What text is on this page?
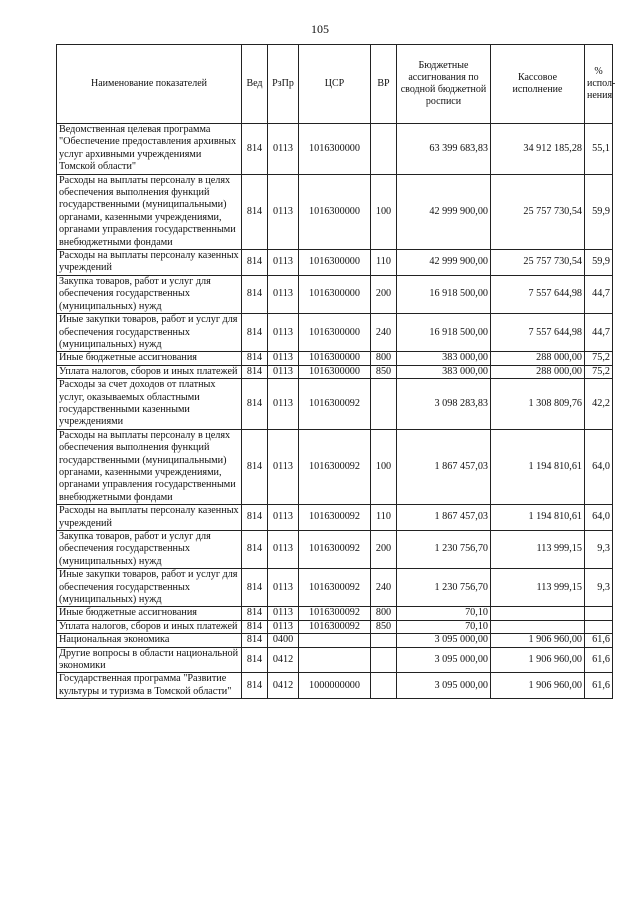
105
Наименование показателей	Вед	РзПр	ЦСР	ВР	Бюджетные ассигнования по сводной бюджетной росписи	Кассовое исполнение	% испол-нения
Ведомственная целевая программа "Обеспечение предоставления архивных услуг архивными учреждениями Томской области"	814	0113	1016300000		63 399 683,83	34 912 185,28	55,1
Расходы на выплаты персоналу в целях обеспечения выполнения функций государственными (муниципальными) органами, казенными учреждениями, органами управления государственными внебюджетными фондами	814	0113	1016300000	100	42 999 900,00	25 757 730,54	59,9
Расходы на выплаты персоналу казенных учреждений	814	0113	1016300000	110	42 999 900,00	25 757 730,54	59,9
Закупка товаров, работ и услуг для обеспечения государственных (муниципальных) нужд	814	0113	1016300000	200	16 918 500,00	7 557 644,98	44,7
Иные закупки товаров, работ и услуг для обеспечения государственных (муниципальных) нужд	814	0113	1016300000	240	16 918 500,00	7 557 644,98	44,7
Иные бюджетные ассигнования	814	0113	1016300000	800	383 000,00	288 000,00	75,2
Уплата налогов, сборов и иных платежей	814	0113	1016300000	850	383 000,00	288 000,00	75,2
Расходы за счет доходов от платных услуг, оказываемых областными государственными казенными учреждениями	814	0113	1016300092		3 098 283,83	1 308 809,76	42,2
Расходы на выплаты персоналу в целях обеспечения выполнения функций государственными (муниципальными) органами, казенными учреждениями, органами управления государственными внебюджетными фондами	814	0113	1016300092	100	1 867 457,03	1 194 810,61	64,0
Расходы на выплаты персоналу казенных учреждений	814	0113	1016300092	110	1 867 457,03	1 194 810,61	64,0
Закупка товаров, работ и услуг для обеспечения государственных (муниципальных) нужд	814	0113	1016300092	200	1 230 756,70	113 999,15	9,3
Иные закупки товаров, работ и услуг для обеспечения государственных (муниципальных) нужд	814	0113	1016300092	240	1 230 756,70	113 999,15	9,3
Иные бюджетные ассигнования	814	0113	1016300092	800	70,10		
Уплата налогов, сборов и иных платежей	814	0113	1016300092	850	70,10		
Национальная экономика	814	0400			3 095 000,00	1 906 960,00	61,6
Другие вопросы в области национальной экономики	814	0412			3 095 000,00	1 906 960,00	61,6
Государственная программа "Развитие культуры и туризма в Томской области"	814	0412	1000000000		3 095 000,00	1 906 960,00	61,6
